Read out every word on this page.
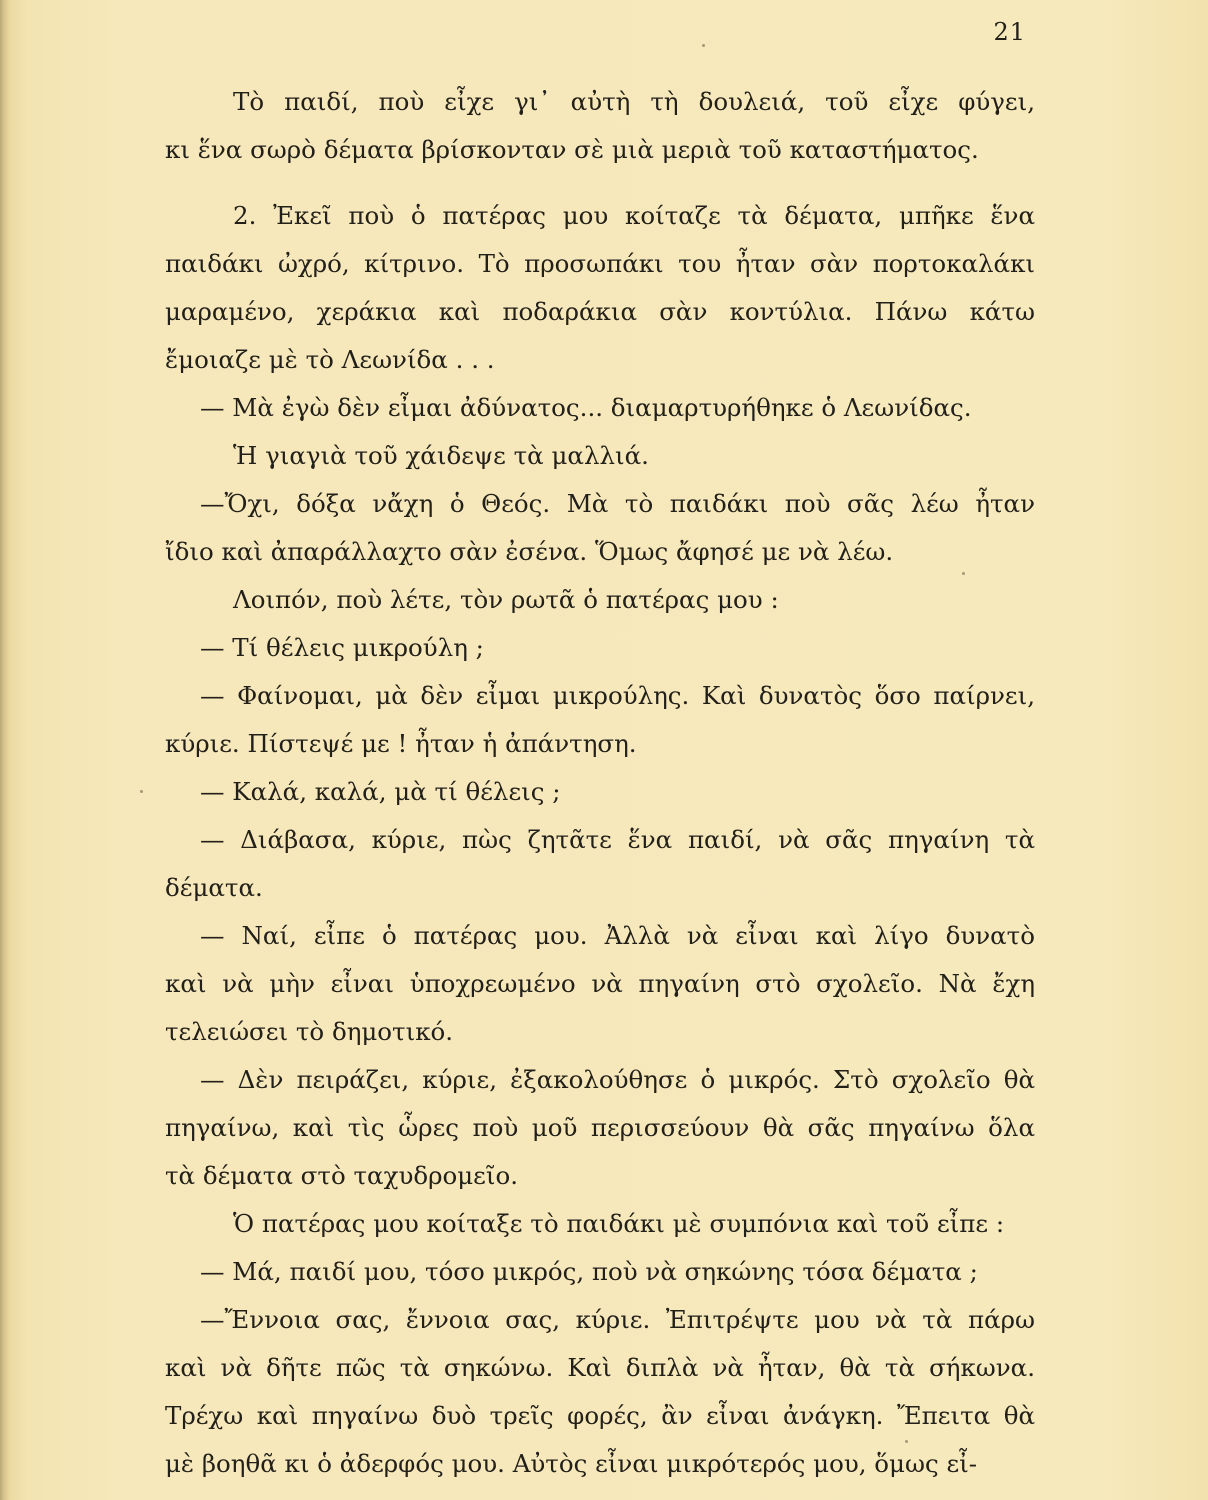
21
Τὸ παιδί, ποὺ εἶχε γι᾽ αὐτὴ τὴ δουλειά, τοῦ εἶχε φύγει,
κι ἕνα σωρὸ δέματα βρίσκονταν σὲ μιὰ μεριὰ τοῦ καταστήματος.
2. Ἐκεῖ ποὺ ὁ πατέρας μου κοίταζε τὰ δέματα, μπῆκε ἕνα
παιδάκι ὠχρό, κίτρινο. Τὸ προσωπάκι του ἦταν σὰν πορτοκαλάκι
μαραμένο, χεράκια καὶ ποδαράκια σὰν κοντύλια. Πάνω κάτω
ἔμοιαζε μὲ τὸ Λεωνίδα . . .
— Μὰ ἐγὼ δὲν εἶμαι ἀδύνατος... διαμαρτυρήθηκε ὁ Λεωνίδας.
Ἡ γιαγιὰ τοῦ χάιδεψε τὰ μαλλιά.
—Ὄχι, δόξα νἄχη ὁ Θεός. Μὰ τὸ παιδάκι ποὺ σᾶς λέω ἦταν
ἴδιο καὶ ἀπαράλλαχτο σὰν ἐσένα. Ὅμως ἄφησέ με νὰ λέω.
Λοιπόν, ποὺ λέτε, τὸν ρωτᾶ ὁ πατέρας μου :
— Τί θέλεις μικρούλη ;
— Φαίνομαι, μὰ δὲν εἶμαι μικρούλης. Καὶ δυνατὸς ὅσο παίρνει,
κύριε. Πίστεψέ με ! ἦταν ἡ ἀπάντηση.
— Καλά, καλά, μὰ τί θέλεις ;
— Διάβασα, κύριε, πὼς ζητᾶτε ἕνα παιδί, νὰ σᾶς πηγαίνη τὰ
δέματα.
— Ναί, εἶπε ὁ πατέρας μου. Ἀλλὰ νὰ εἶναι καὶ λίγο δυνατὸ
καὶ νὰ μὴν εἶναι ὑποχρεωμένο νὰ πηγαίνη στὸ σχολεῖο. Νὰ ἔχη
τελειώσει τὸ δημοτικό.
— Δὲν πειράζει, κύριε, ἐξακολούθησε ὁ μικρός. Στὸ σχολεῖο θὰ
πηγαίνω, καὶ τὶς ὧρες ποὺ μοῦ περισσεύουν θὰ σᾶς πηγαίνω ὅλα
τὰ δέματα στὸ ταχυδρομεῖο.
Ὁ πατέρας μου κοίταξε τὸ παιδάκι μὲ συμπόνια καὶ τοῦ εἶπε :
— Μά, παιδί μου, τόσο μικρός, ποὺ νὰ σηκώνης τόσα δέματα ;
—Ἔννοια σας, ἔννοια σας, κύριε. Ἐπιτρέψτε μου νὰ τὰ πάρω
καὶ νὰ δῆτε πῶς τὰ σηκώνω. Καὶ διπλὰ νὰ ἦταν, θὰ τὰ σήκωνα.
Τρέχω καὶ πηγαίνω δυὸ τρεῖς φορές, ἂν εἶναι ἀνάγκη. Ἔπειτα θὰ
μὲ βοηθᾶ κι ὁ ἀδερφός μου. Αὐτὸς εἶναι μικρότερός μου, ὅμως εἶ-
